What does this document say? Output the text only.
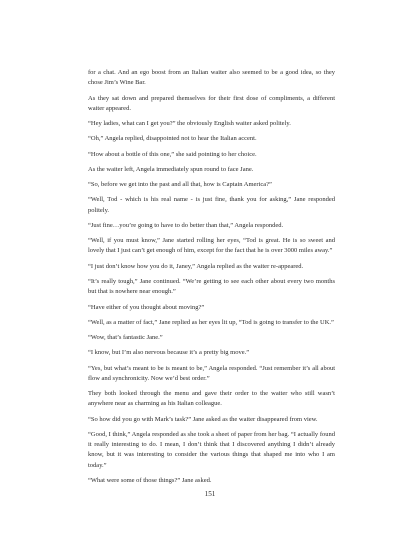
for a chat. And an ego boost from an Italian waiter also seemed to be a good idea, so they chose Jim’s Wine Bar.

As they sat down and prepared themselves for their first dose of compliments, a different waiter appeared.

“Hey ladies, what can I get you?” the obviously English waiter asked politely.

“Oh,” Angela replied, disappointed not to hear the Italian accent.

“How about a bottle of this one,” she said pointing to her choice.

As the waiter left, Angela immediately spun round to face Jane.

“So, before we get into the past and all that, how is Captain America?”

“Well, Tod - which is his real name - is just fine, thank you for asking,” Jane responded politely.

“Just fine…you’re going to have to do better than that,” Angela responded.

“Well, if you must know,” Jane started rolling her eyes, “Tod is great. He is so sweet and lovely that I just can’t get enough of him, except for the fact that he is over 3000 miles away.”

“I just don’t know how you do it, Janey,” Angela replied as the waiter re-appeared.

“It’s really tough,” Jane continued. “We’re getting to see each other about every two months but that is nowhere near enough.”

“Have either of you thought about moving?”

“Well, as a matter of fact,” Jane replied as her eyes lit up, “Tod is going to transfer to the UK.”

“Wow, that’s fantastic Jane.”

“I know, but I’m also nervous because it’s a pretty big move.”

“Yes, but what’s meant to be is meant to be,” Angela responded. “Just remember it’s all about flow and synchronicity. Now we’d best order.”

They both looked through the menu and gave their order to the waiter who still wasn’t anywhere near as charming as his Italian colleague.

“So how did you go with Mark’s task?” Jane asked as the waiter disappeared from view.

“Good, I think,” Angela responded as she took a sheet of paper from her bag. “I actually found it really interesting to do. I mean, I don’t think that I discovered anything I didn’t already know, but it was interesting to consider the various things that shaped me into who I am today.”

“What were some of those things?” Jane asked.

151
